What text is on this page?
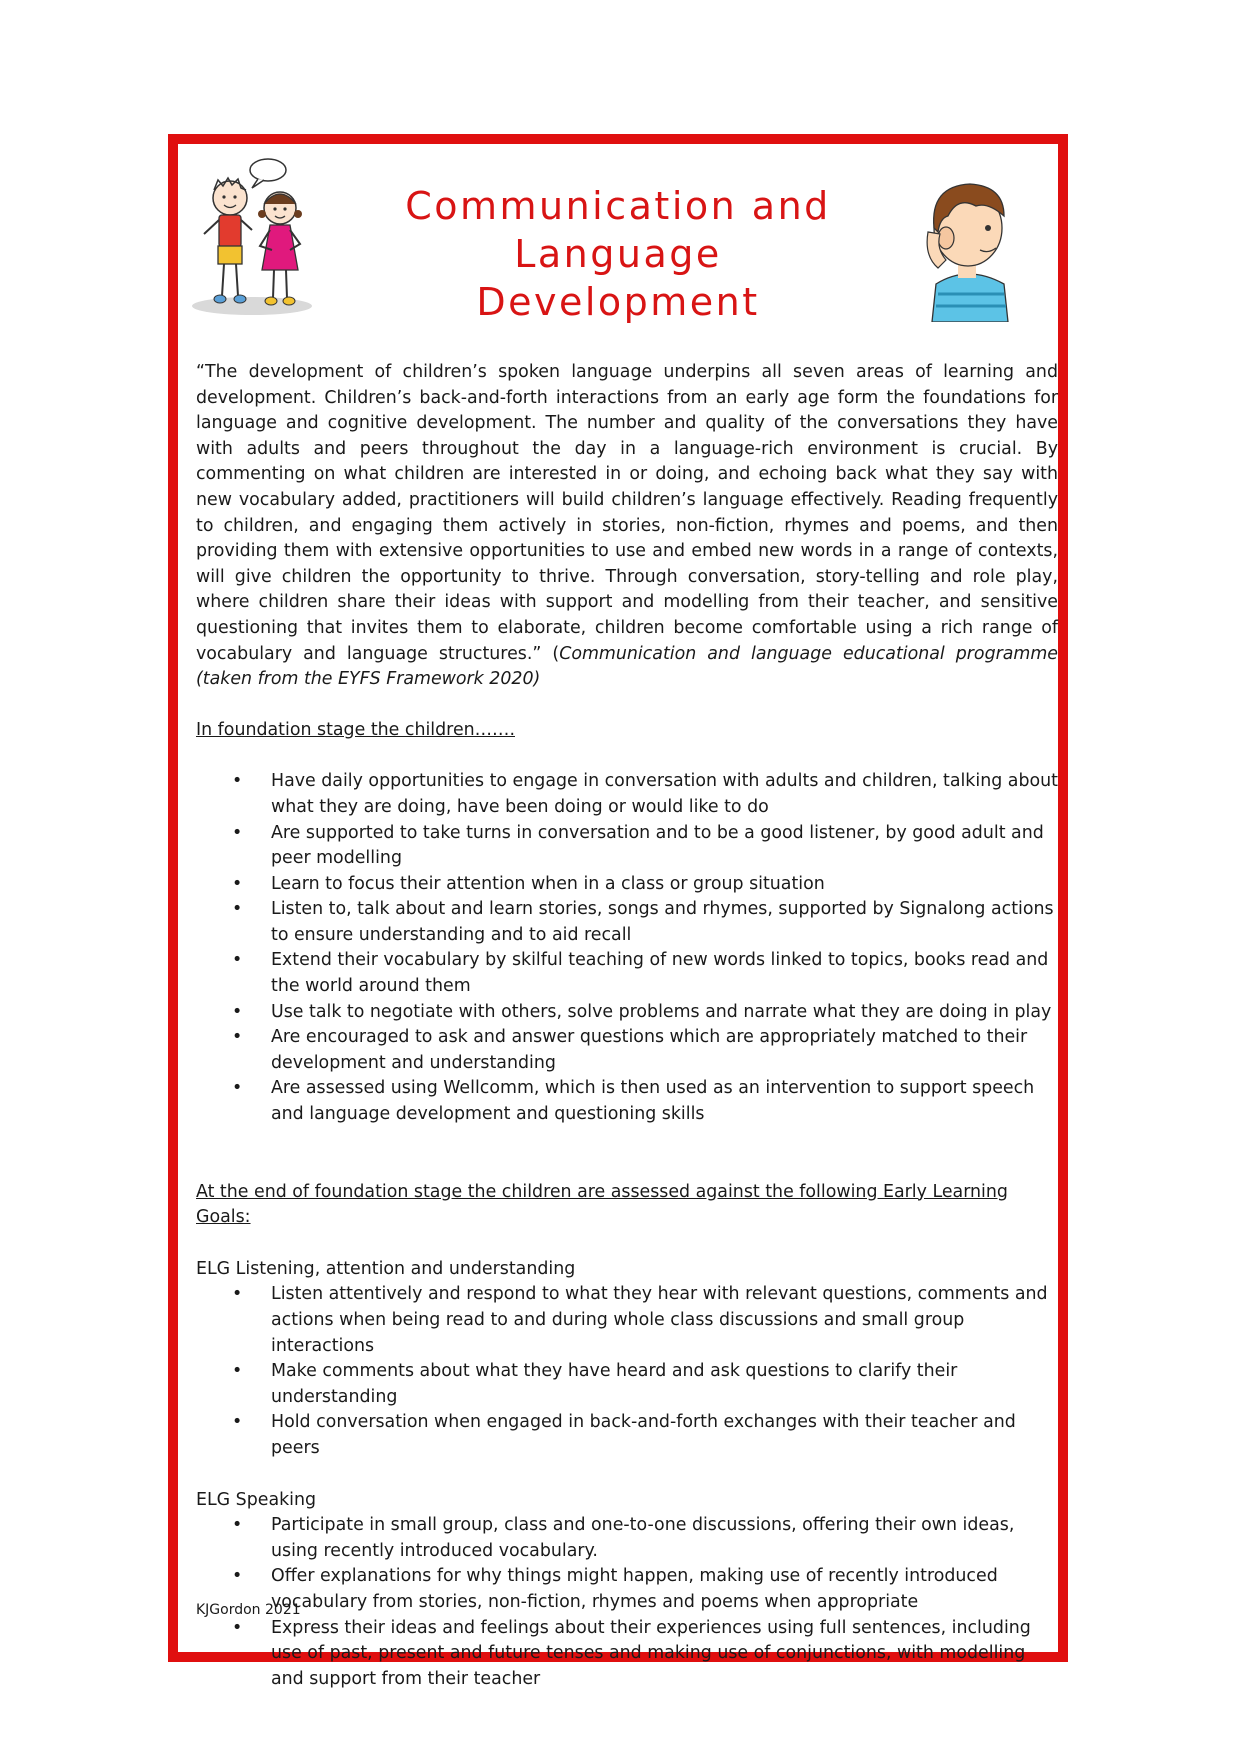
Communication and
Language Development

“The development of children’s spoken language underpins all seven areas of learning and development. Children’s back-and-forth interactions from an early age form the foundations for language and cognitive development. The number and quality of the conversations they have with adults and peers throughout the day in a language-rich environment is crucial. By commenting on what children are interested in or doing, and echoing back what they say with new vocabulary added, practitioners will build children’s language effectively. Reading frequently to children, and engaging them actively in stories, non-fiction, rhymes and poems, and then providing them with extensive opportunities to use and embed new words in a range of contexts, will give children the opportunity to thrive. Through conversation, story-telling and role play, where children share their ideas with support and modelling from their teacher, and sensitive questioning that invites them to elaborate, children become comfortable using a rich range of vocabulary and language structures.” (Communication and language educational programme (taken from the EYFS Framework 2020)

In foundation stage the children…….

• Have daily opportunities to engage in conversation with adults and children, talking about what they are doing, have been doing or would like to do
• Are supported to take turns in conversation and to be a good listener, by good adult and peer modelling
• Learn to focus their attention when in a class or group situation
• Listen to, talk about and learn stories, songs and rhymes, supported by Signalong actions to ensure understanding and to aid recall
• Extend their vocabulary by skilful teaching of new words linked to topics, books read and the world around them
• Use talk to negotiate with others, solve problems and narrate what they are doing in play
• Are encouraged to ask and answer questions which are appropriately matched to their development and understanding
• Are assessed using Wellcomm, which is then used as an intervention to support speech and language development and questioning skills

At the end of foundation stage the children are assessed against the following Early Learning Goals:

ELG Listening, attention and understanding

• Listen attentively and respond to what they hear with relevant questions, comments and actions when being read to and during whole class discussions and small group interactions
• Make comments about what they have heard and ask questions to clarify their understanding
• Hold conversation when engaged in back-and-forth exchanges with their teacher and peers

ELG Speaking

• Participate in small group, class and one-to-one discussions, offering their own ideas, using recently introduced vocabulary.
• Offer explanations for why things might happen, making use of recently introduced vocabulary from stories, non-fiction, rhymes and poems when appropriate
• Express their ideas and feelings about their experiences using full sentences, including use of past, present and future tenses and making use of conjunctions, with modelling and support from their teacher
KJGordon 2021
